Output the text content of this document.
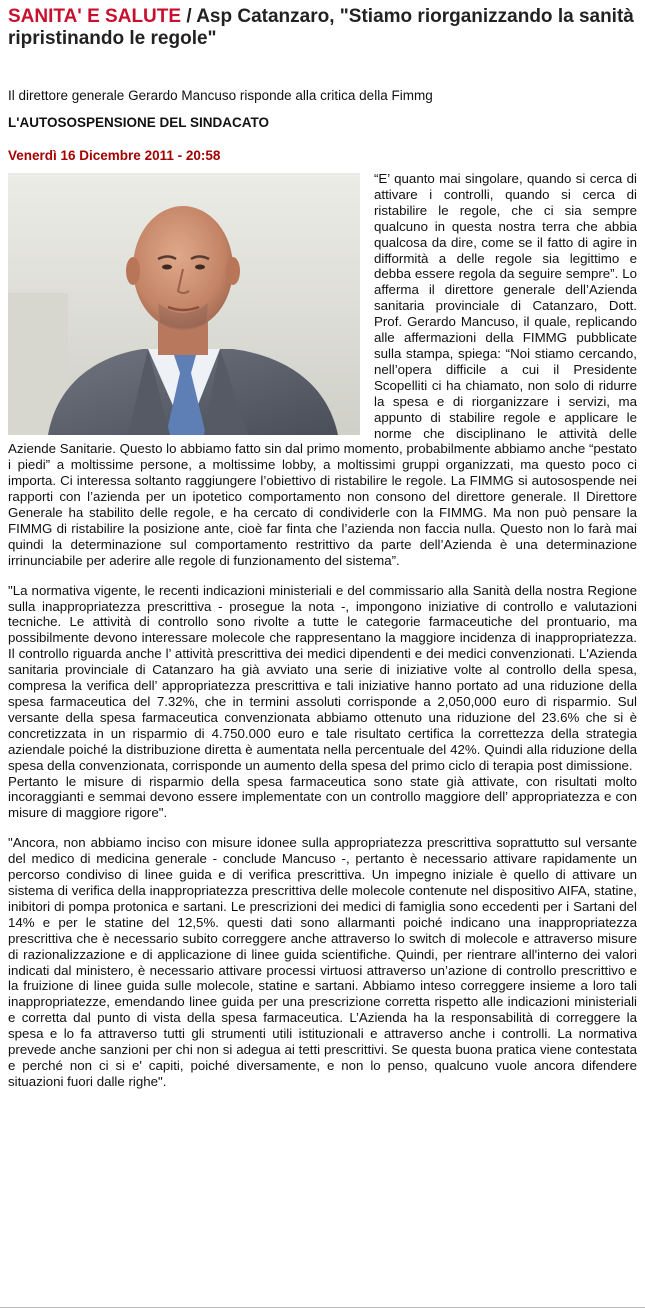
SANITA' E SALUTE / Asp Catanzaro, "Stiamo riorganizzando la sanità ripristinando le regole"
Il direttore generale Gerardo Mancuso risponde alla critica della Fimmg
L'AUTOSOSPENSIONE DEL SINDACATO
Venerdì 16 Dicembre 2011 - 20:58

“E’ quanto mai singolare, quando si cerca di attivare i controlli, quando si cerca di ristabilire le regole, che ci sia sempre qualcuno in questa nostra terra che abbia qualcosa da dire, come se il fatto di agire in difformità a delle regole sia legittimo e debba essere regola da seguire sempre”. Lo afferma il direttore generale dell’Azienda sanitaria provinciale di Catanzaro, Dott. Prof. Gerardo Mancuso, il quale, replicando alle affermazioni della FIMMG pubblicate sulla stampa, spiega: “Noi stiamo cercando, nell’opera difficile a cui il Presidente Scopelliti ci ha chiamato, non solo di ridurre la spesa e di riorganizzare i servizi, ma appunto di stabilire regole e applicare le norme che disciplinano le attività delle Aziende Sanitarie. Questo lo abbiamo fatto sin dal primo momento, probabilmente abbiamo anche “pestato i piedi” a moltissime persone, a moltissime lobby, a moltissimi gruppi organizzati, ma questo poco ci importa. Ci interessa soltanto raggiungere l’obiettivo di ristabilire le regole. La FIMMG si autosospende nei rapporti con l’azienda per un ipotetico comportamento non consono del direttore generale. Il Direttore Generale ha stabilito delle regole, e ha cercato di condividerle con la FIMMG. Ma non può pensare la FIMMG di ristabilire la posizione ante, cioè far finta che l’azienda non faccia nulla. Questo non lo farà mai quindi la determinazione sul comportamento restrittivo da parte dell’Azienda è una determinazione irrinunciabile per aderire alle regole di funzionamento del sistema”.

"La normativa vigente, le recenti indicazioni ministeriali e del commissario alla Sanità della nostra Regione sulla inappropriatezza prescrittiva - prosegue la nota -, impongono iniziative di controllo e valutazioni tecniche. Le attività di controllo sono rivolte a tutte le categorie farmaceutiche del prontuario, ma possibilmente devono interessare molecole che rappresentano la maggiore incidenza di inappropriatezza. Il controllo riguarda anche l’ attività prescrittiva dei medici dipendenti e dei medici convenzionati. L'Azienda sanitaria provinciale di Catanzaro ha già avviato una serie di iniziative volte al controllo della spesa, compresa la verifica dell’ appropriatezza prescrittiva e tali iniziative hanno portato ad una riduzione della spesa farmaceutica del 7.32%, che in termini assoluti corrisponde a 2,050,000 euro di risparmio. Sul versante della spesa farmaceutica convenzionata abbiamo ottenuto una riduzione del 23.6% che si è concretizzata in un risparmio di 4.750.000 euro e tale risultato certifica la correttezza della strategia aziendale poiché la distribuzione diretta è aumentata nella percentuale del 42%. Quindi alla riduzione della spesa della convenzionata, corrisponde un aumento della spesa del primo ciclo di terapia post dimissione.

Pertanto le misure di risparmio della spesa farmaceutica sono state già attivate, con risultati molto incoraggianti e semmai devono essere implementate con un controllo maggiore dell’ appropriatezza e con misure di maggiore rigore".

"Ancora, non abbiamo inciso con misure idonee sulla appropriatezza prescrittiva soprattutto sul versante del medico di medicina generale - conclude Mancuso -, pertanto è necessario attivare rapidamente un percorso condiviso di linee guida e di verifica prescrittiva. Un impegno iniziale è quello di attivare un sistema di verifica della inappropriatezza prescrittiva delle molecole contenute nel dispositivo AIFA, statine, inibitori di pompa protonica e sartani. Le prescrizioni dei medici di famiglia sono eccedenti per i Sartani del 14% e per le statine del 12,5%. questi dati sono allarmanti poiché indicano una inappropriatezza prescrittiva che è necessario subito correggere anche attraverso lo switch di molecole e attraverso misure di razionalizzazione e di applicazione di linee guida scientifiche. Quindi, per rientrare all'interno dei valori indicati dal ministero, è necessario attivare processi virtuosi attraverso un’azione di controllo prescrittivo e la fruizione di linee guida sulle molecole, statine e sartani. Abbiamo inteso correggere insieme a loro tali inappropriatezze, emendando linee guida per una prescrizione corretta rispetto alle indicazioni ministeriali e corretta dal punto di vista della spesa farmaceutica. L’Azienda ha la responsabilità di correggere la spesa e lo fa attraverso tutti gli strumenti utili istituzionali e attraverso anche i controlli. La normativa prevede anche sanzioni per chi non si adegua ai tetti prescrittivi. Se questa buona pratica viene contestata e perché non ci si e' capiti, poiché diversamente, e non lo penso, qualcuno vuole ancora difendere situazioni fuori dalle righe".
